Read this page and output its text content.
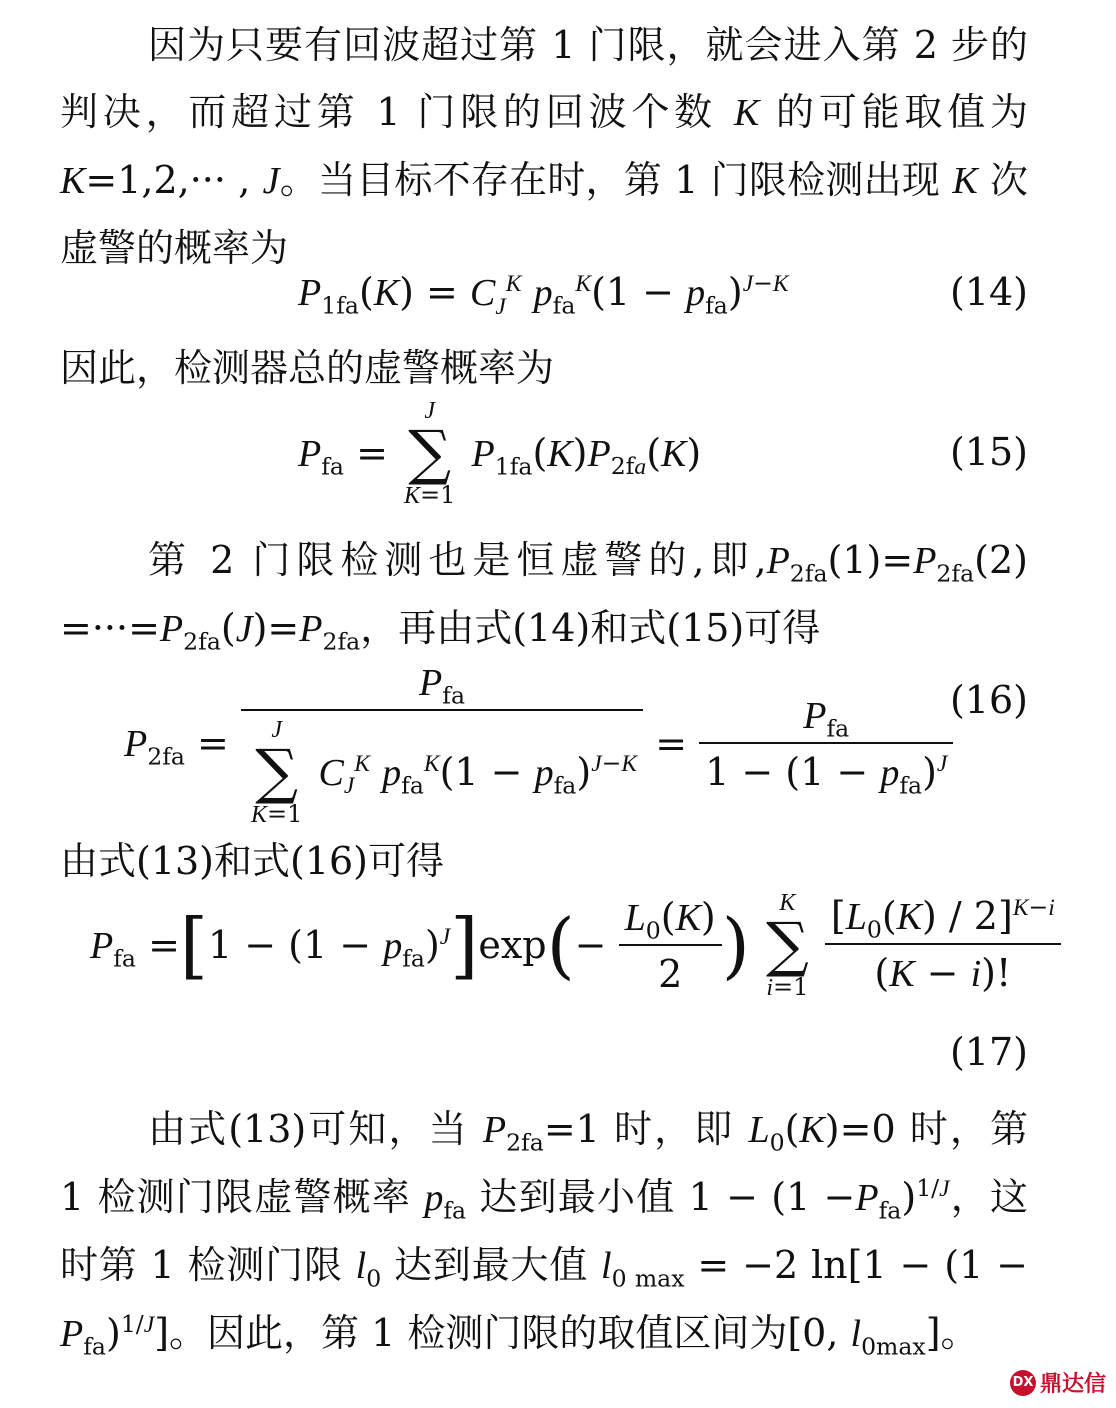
因为只要有回波超过第 1 门限，就会进入第 2 步的判决，而超过第 1 门限的回波个数 K 的可能取值为 K=1,2,··· , J。当目标不存在时，第 1 门限检测出现 K 次虚警的概率为

$P_{1fa}(K) = C_J^K$ $p_{fa}^K(1 - p_{fa})^{J-K}$	(14)

因此，检测器总的虚警概率为

$P_{fa}$ =
J
∑
K=1
$P_{1fa}(K)P_{2fa}(K)$	(15)

第 2 门限检测也是恒虚警的,即$,P_{2fa}(1)=P_{2fa}(2) =\cdot\cdot\cdot=P_{2fa}(J)=P_{2fa}$，再由式(14)和式(15)可得

$P_{2fa} = P_{fa}$
J
∑
K=1
$C_J^K$ $p_{fa}^K(1 - p_{fa})^{J-K} = \frac{P_{fa}}{1 - (1 - p_{fa})^J}$
(16)

由式(13)和式(16)可得

$P_{fa} =[1 - (1 - p_{fa})^J]\exp(- \frac{L_0(K)}{2}$ )	K
∑
i=1
$\frac{[L_0(K) / 2]^{K-i}}{(K - i)!}$
(17)

由式(13)可知，当 $P_{2fa}=1$ 时，即 $L_0(K)=0$ 时，第 1 检测门限虚警概率 $p_{fa}$ 达到最小值 $1 - (1 -P_{fa})^{1/J}$，这时第 1 检测门限 $l_0$ 达到最大值 $l_{0 max} = -2$ $\ln[1 - (1 - P_{fa})^{1/J}]$。因此，第 1 检测门限的取值区间为[0, $l_{0max}$]。

DX 鼎达信
